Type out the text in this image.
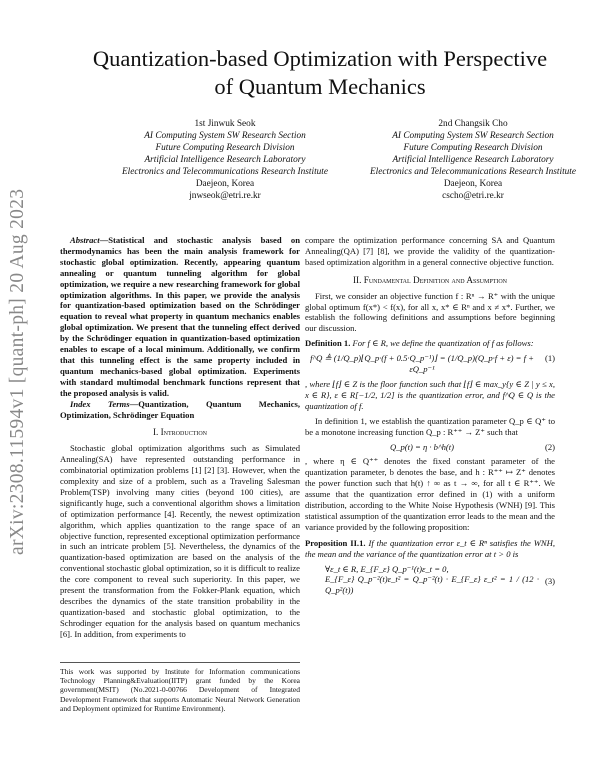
arXiv:2308.11594v1 [quant-ph] 20 Aug 2023
Quantization-based Optimization with Perspective
of Quantum Mechanics
1st Jinwuk Seok
AI Computing System SW Research Section
Future Computing Research Division
Artificial Intelligence Research Laboratory
Electronics and Telecommunications Research Institute
Daejeon, Korea
jnwseok@etri.re.kr
2nd Changsik Cho
AI Computing System SW Research Section
Future Computing Research Division
Artificial Intelligence Research Laboratory
Electronics and Telecommunications Research Institute
Daejeon, Korea
cscho@etri.re.kr

Abstract—Statistical and stochastic analysis based on thermodynamics has been the main analysis framework for stochastic global optimization. Recently, appearing quantum annealing or quantum tunneling algorithm for global optimization, we require a new researching framework for global optimization algorithms. In this paper, we provide the analysis for quantization-based optimization based on the Schrödinger equation to reveal what property in quantum mechanics enables global optimization. We present that the tunneling effect derived by the Schrödinger equation in quantization-based optimization enables to escape of a local minimum. Additionally, we confirm that this tunneling effect is the same property included in quantum mechanics-based global optimization. Experiments with standard multimodal benchmark functions represent that the proposed analysis is valid.

Index Terms—Quantization, Quantum Mechanics, Optimization, Schrödinger Equation

I. Introduction

Stochastic global optimization algorithms such as Simulated Annealing(SA) have represented outstanding performance in combinatorial optimization problems [1] [2] [3]. However, when the complexity and size of a problem, such as a Traveling Salesman Problem(TSP) involving many cities (beyond 100 cities), are significantly huge, such a conventional algorithm shows a limitation of optimization performance [4]. Recently, the newest optimization algorithm, which applies quantization to the range space of an objective function, represented exceptional optimization performance in such an intricate problem [5]. Nevertheless, the dynamics of the quantization-based optimization are based on the analysis of the conventional stochastic global optimization, so it is difficult to realize the core component to reveal such superiority. In this paper, we present the transformation from the Fokker-Plank equation, which describes the dynamics of the state transition probability in the quantization-based and stochastic global optimization, to the Schrodinger equation for the analysis based on quantum mechanics [6]. In addition, from experiments to

This work was supported by Institute for Information communications Technology Planning&Evaluation(IITP) grant funded by the Korea government(MSIT) (No.2021-0-00766 Development of Integrated Development Framework that supports Automatic Neural Network Generation and Deployment optimized for Runtime Environment).

compare the optimization performance concerning SA and Quantum Annealing(QA) [7] [8], we provide the validity of the quantization-based optimization algorithm in a general connective objective function.

II. Fundamental Definition and Assumption

First, we consider an objective function f : Rⁿ → R⁺ with the unique global optimum f(x*) < f(x), for all x, x* ∈ Rⁿ and x ≠ x*. Further, we establish the following definitions and assumptions before beginning our discussion.

Definition 1. For f ∈ R, we define the quantization of f as follows:

f^Q ≜ (1/Q_p)⌊Q_p·(f + 0.5·Q_p⁻¹)⌋ = (1/Q_p)(Q_p·f + ε) = f + εQ_p⁻¹
(1)

, where ⌊f⌋ ∈ Z is the floor function such that ⌊f⌋ ∈ max_y{y ∈ Z | y ≤ x, x ∈ R}, ε ∈ R[−1/2, 1/2] is the quantization error, and f^Q ∈ Q is the quantization of f.

In definition 1, we establish the quantization parameter Q_p ∈ Q⁺ to be a monotone increasing function Q_p : R⁺⁺ → Z⁺ such that

Q_p(t) = η · b^h(t)	(2)

, where η ∈ Q⁺⁺ denotes the fixed constant parameter of the quantization parameter, b denotes the base, and h : R⁺⁺ ↦ Z⁺ denotes the power function such that h(t) ↑ ∞ as t → ∞, for all t ∈ R⁺⁺. We assume that the quantization error defined in (1) with a uniform distribution, according to the White Noise Hypothesis (WNH) [9]. This statistical assumption of the quantization error leads to the mean and the variance provided by the following proposition:

Proposition II.1. If the quantization error ε_t ∈ Rⁿ satisfies the WNH, the mean and the variance of the quantization error at t > 0 is

∀ε_t ∈ R, E_{F_ε} Q_p⁻¹(t)ε_t = 0,
E_{F_ε} Q_p⁻²(t)ε_t² = Q_p⁻²(t) · E_{F_ε} ε_t² = 1 / (12 · Q_p²(t))
(3)
